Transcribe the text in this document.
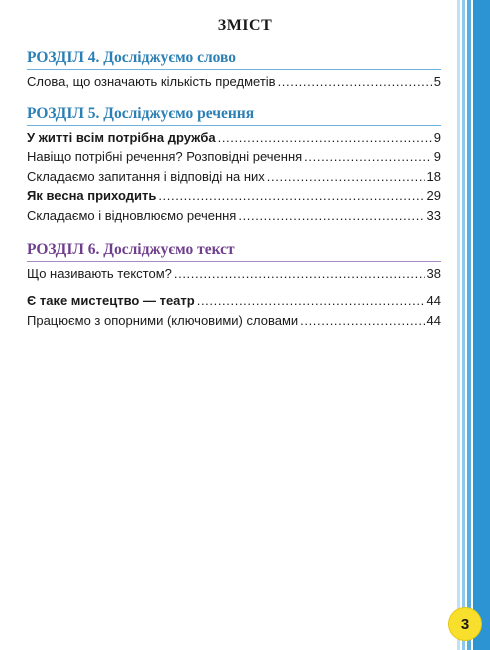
ЗМІСТ
РОЗДІЛ 4. Досліджуємо слово
Слова, що означають кількість предметів . . .	5
РОЗДІЛ 5. Досліджуємо речення
У житті всім потрібна дружба . . .	9
Навіщо потрібні речення? Розповідні речення . . .	9
Складаємо запитання і відповіді на них . . .	18
Як весна приходить . . .	29
Складаємо і відновлюємо речення . . .	33
РОЗДІЛ 6. Досліджуємо текст
Що називають текстом? . . .	38
Є таке мистецтво — театр . . .	44
Працюємо з опорними (ключовими) словами . . .	44
3
